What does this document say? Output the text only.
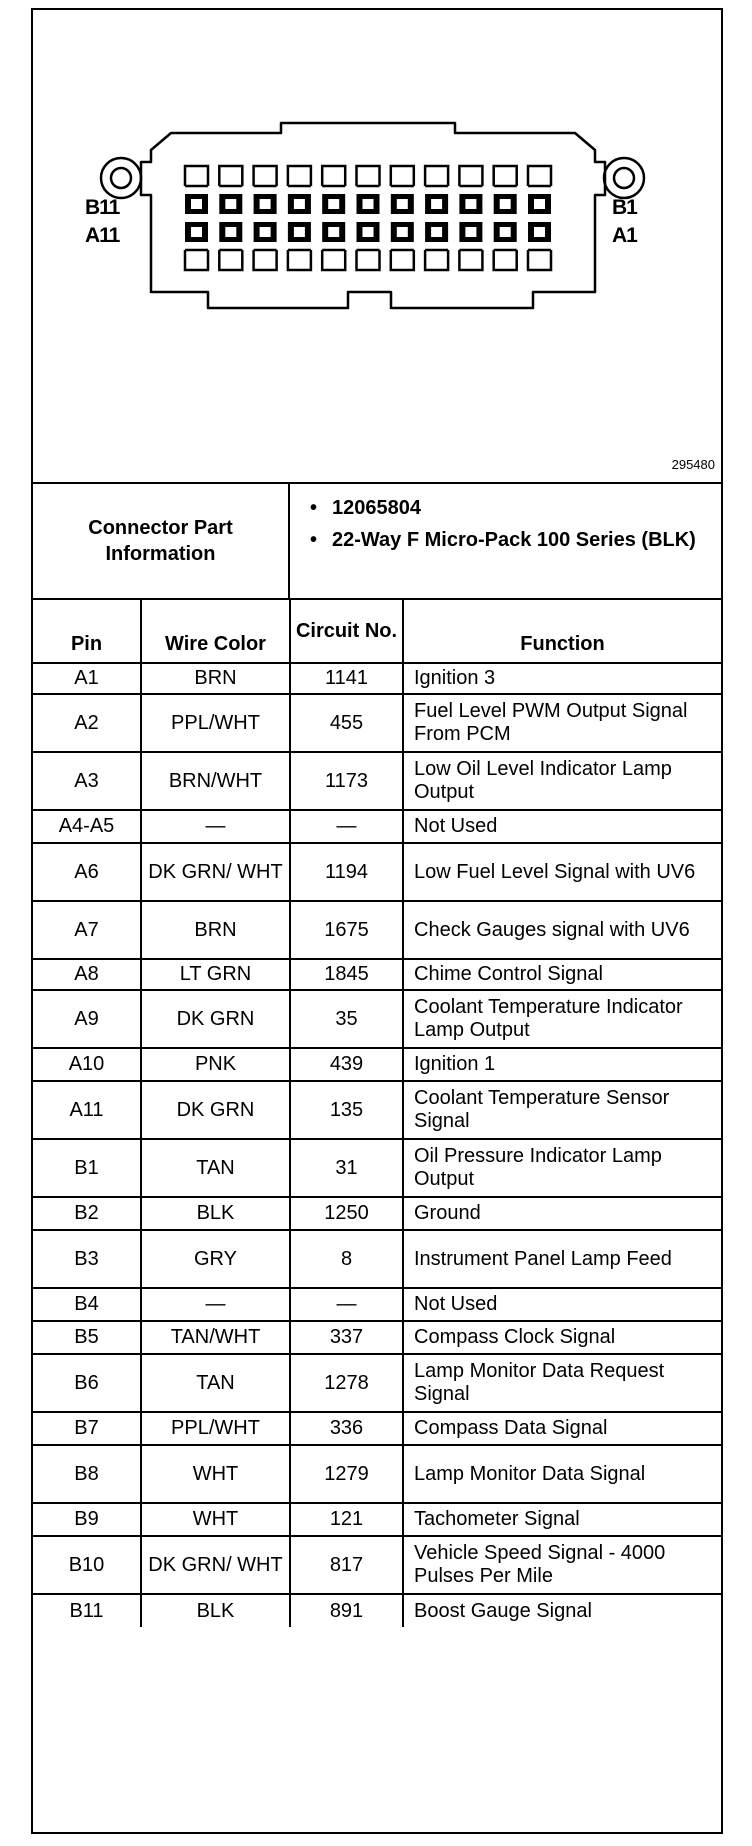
B11
A11
B1
A1
295480
Connector Part Information
• 12065804
• 22-Way F Micro-Pack 100 Series (BLK)
Pin	Wire Color	Circuit No.	Function
A1	BRN	1141	Ignition 3
A2	PPL/WHT	455	Fuel Level PWM Output Signal From PCM
A3	BRN/WHT	1173	Low Oil Level Indicator Lamp Output
A4-A5	—	—	Not Used
A6	DK GRN/ WHT	1194	Low Fuel Level Signal with UV6
A7	BRN	1675	Check Gauges signal with UV6
A8	LT GRN	1845	Chime Control Signal
A9	DK GRN	35	Coolant Temperature Indicator Lamp Output
A10	PNK	439	Ignition 1
A11	DK GRN	135	Coolant Temperature Sensor Signal
B1	TAN	31	Oil Pressure Indicator Lamp Output
B2	BLK	1250	Ground
B3	GRY	8	Instrument Panel Lamp Feed
B4	—	—	Not Used
B5	TAN/WHT	337	Compass Clock Signal
B6	TAN	1278	Lamp Monitor Data Request Signal
B7	PPL/WHT	336	Compass Data Signal
B8	WHT	1279	Lamp Monitor Data Signal
B9	WHT	121	Tachometer Signal
B10	DK GRN/ WHT	817	Vehicle Speed Signal - 4000 Pulses Per Mile
B11	BLK	891	Boost Gauge Signal
